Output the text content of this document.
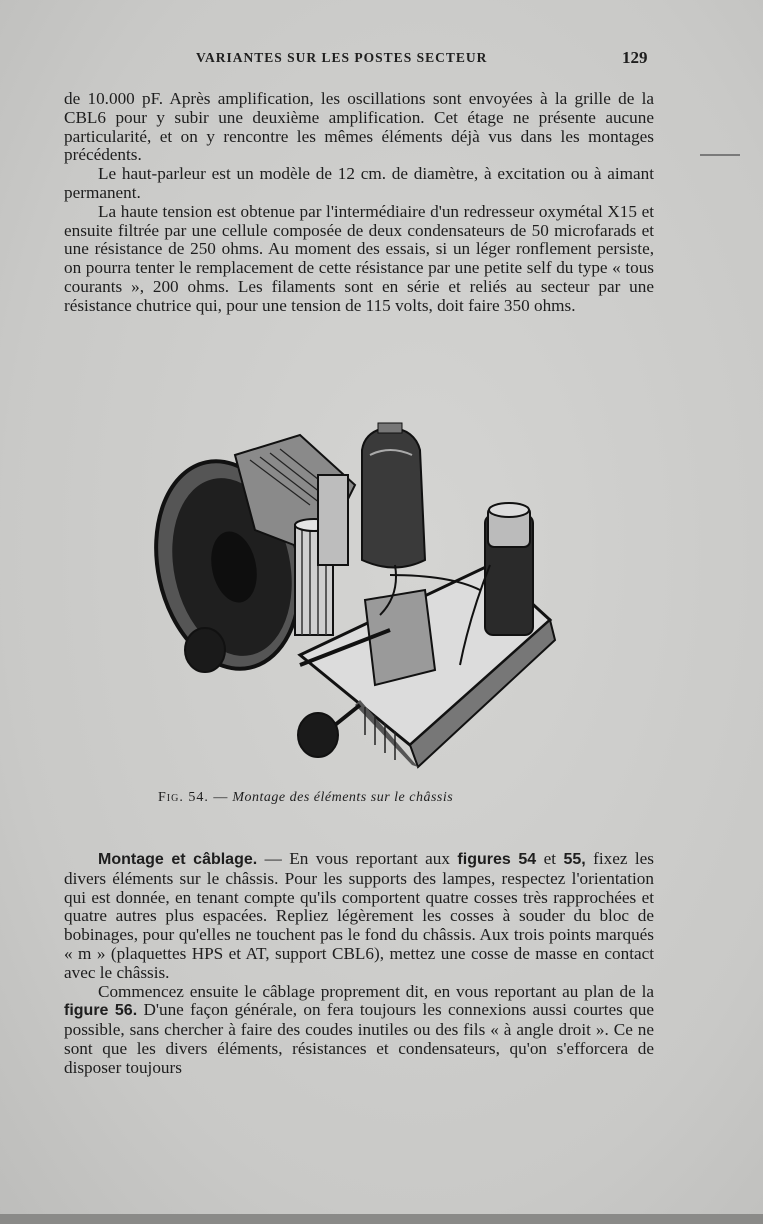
VARIANTES SUR LES POSTES SECTEUR	129

de 10.000 pF. Après amplification, les oscillations sont envoyées à la grille de la CBL6 pour y subir une deuxième amplification. Cet étage ne présente aucune particularité, et on y rencontre les mêmes éléments déjà vus dans les montages précédents.

Le haut-parleur est un modèle de 12 cm. de diamètre, à excitation ou à aimant permanent.

La haute tension est obtenue par l'intermédiaire d'un redresseur oxymétal X15 et ensuite filtrée par une cellule composée de deux condensateurs de 50 microfarads et une résistance de 250 ohms. Au moment des essais, si un léger ronflement persiste, on pourra tenter le remplacement de cette résistance par une petite self du type « tous courants », 200 ohms. Les filaments sont en série et reliés au secteur par une résistance chutrice qui, pour une tension de 115 volts, doit faire 350 ohms.

Fig. 54. — Montage des éléments sur le châssis

Montage et câblage. — En vous reportant aux figures 54 et 55, fixez les divers éléments sur le châssis. Pour les supports des lampes, respectez l'orientation qui est donnée, en tenant compte qu'ils comportent quatre cosses très rapprochées et quatre autres plus espacées. Repliez légèrement les cosses à souder du bloc de bobinages, pour qu'elles ne touchent pas le fond du châssis. Aux trois points marqués « m » (plaquettes HPS et AT, support CBL6), mettez une cosse de masse en contact avec le châssis.

Commencez ensuite le câblage proprement dit, en vous reportant au plan de la figure 56. D'une façon générale, on fera toujours les connexions aussi courtes que possible, sans chercher à faire des coudes inutiles ou des fils « à angle droit ». Ce ne sont que les divers éléments, résistances et condensateurs, qu'on s'efforcera de disposer toujours
